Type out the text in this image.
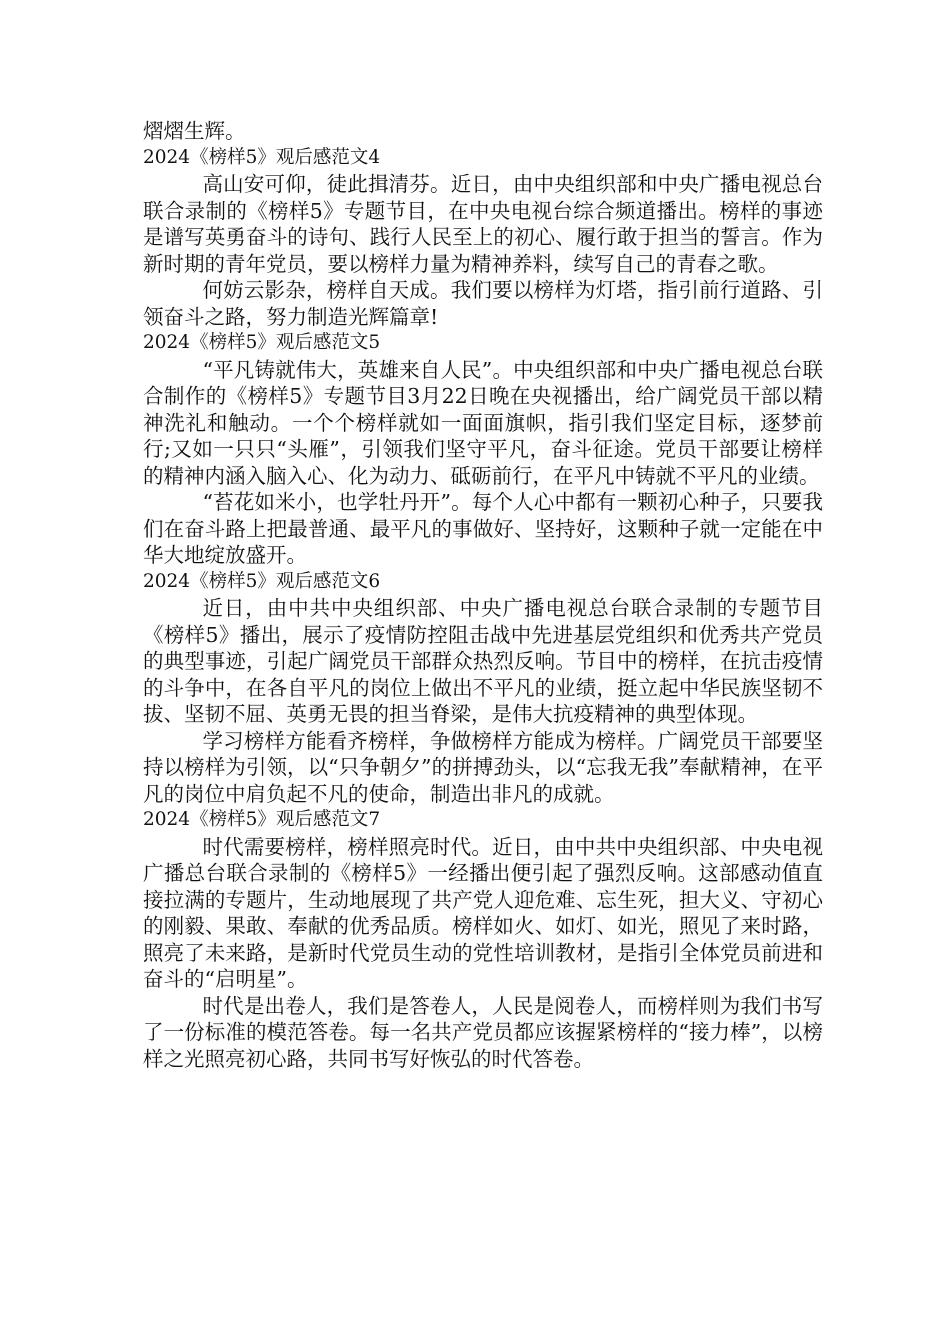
熠熠生辉。

2024《榜样5》观后感范文4

高山安可仰，徒此揖清芬。近日，由中央组织部和中央广播电视总台联合录制的《榜样5》专题节目，在中央电视台综合频道播出。榜样的事迹是谱写英勇奋斗的诗句、践行人民至上的初心、履行敢于担当的誓言。作为新时期的青年党员，要以榜样力量为精神养料，续写自己的青春之歌。

何妨云影杂，榜样自天成。我们要以榜样为灯塔，指引前行道路、引领奋斗之路，努力制造光辉篇章!

2024《榜样5》观后感范文5

“平凡铸就伟大，英雄来自人民”。中央组织部和中央广播电视总台联合制作的《榜样5》专题节目3月22日晚在央视播出，给广阔党员干部以精神洗礼和触动。一个个榜样就如一面面旗帜，指引我们坚定目标，逐梦前行;又如一只只“头雁”，引领我们坚守平凡，奋斗征途。党员干部要让榜样的精神内涵入脑入心、化为动力、砥砺前行，在平凡中铸就不平凡的业绩。

“苔花如米小，也学牡丹开”。每个人心中都有一颗初心种子，只要我们在奋斗路上把最普通、最平凡的事做好、坚持好，这颗种子就一定能在中华大地绽放盛开。

2024《榜样5》观后感范文6

近日，由中共中央组织部、中央广播电视总台联合录制的专题节目《榜样5》播出，展示了疫情防控阻击战中先进基层党组织和优秀共产党员的典型事迹，引起广阔党员干部群众热烈反响。节目中的榜样，在抗击疫情的斗争中，在各自平凡的岗位上做出不平凡的业绩，挺立起中华民族坚韧不拔、坚韧不屈、英勇无畏的担当脊梁，是伟大抗疫精神的典型体现。

学习榜样方能看齐榜样，争做榜样方能成为榜样。广阔党员干部要坚持以榜样为引领，以“只争朝夕”的拼搏劲头，以“忘我无我”奉献精神，在平凡的岗位中肩负起不凡的使命，制造出非凡的成就。

2024《榜样5》观后感范文7

时代需要榜样，榜样照亮时代。近日，由中共中央组织部、中央电视广播总台联合录制的《榜样5》一经播出便引起了强烈反响。这部感动值直接拉满的专题片，生动地展现了共产党人迎危难、忘生死，担大义、守初心的刚毅、果敢、奉献的优秀品质。榜样如火、如灯、如光，照见了来时路，照亮了未来路，是新时代党员生动的党性培训教材，是指引全体党员前进和奋斗的“启明星”。

时代是出卷人，我们是答卷人，人民是阅卷人，而榜样则为我们书写了一份标准的模范答卷。每一名共产党员都应该握紧榜样的“接力棒”，以榜样之光照亮初心路，共同书写好恢弘的时代答卷。
